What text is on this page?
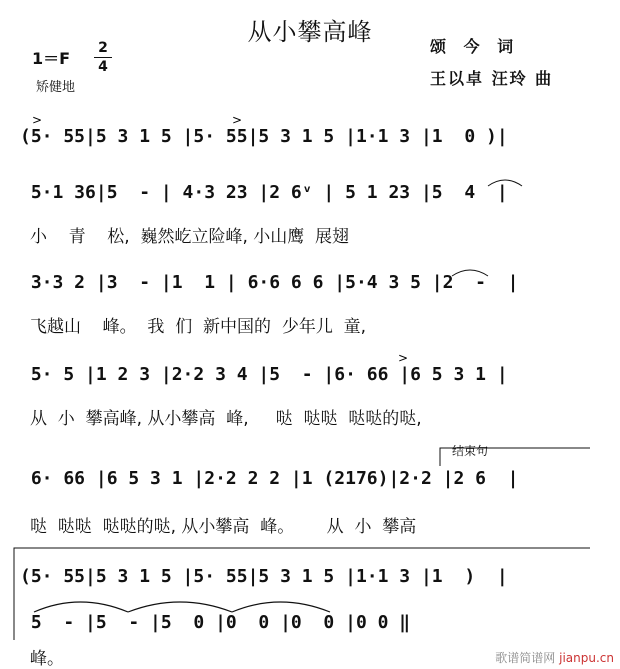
从小攀高峰
1＝F
2
4
矫健地
颂 今 词
王以卓 汪玲 曲
(5· 55|5 3 1 5 |5· 55|5 3 1 5 |1·1 3 |1  0 )|
5·1 36|5  - | 4·3 23 |2 6ᵛ | 5 1 23 |5  4  |
小    青    松,  巍然屹立险峰, 小山鹰  展翅
3·3 2 |3  - |1  1 | 6·6 6 6 |5·4 3 5 |2  -  |
飞越山    峰。  我  们  新中国的  少年儿  童,
5· 5 |1 2 3 |2·2 3 4 |5  - |6· 66 |6 5 3 1 |
从  小  攀高峰, 从小攀高  峰,     哒  哒哒  哒哒的哒,
6· 66 |6 5 3 1 |2·2 2 2 |1 (2176)|2·2 |2 6  |
哒  哒哒  哒哒的哒, 从小攀高  峰。      从  小  攀高
(5· 55|5 3 1 5 |5· 55|5 3 1 5 |1·1 3 |1  )  |
5  - |5  - |5  0 |0  0 |0  0 |0 0 ‖
峰。
结束句
>	>
>
歌谱简谱网 jianpu.cn
